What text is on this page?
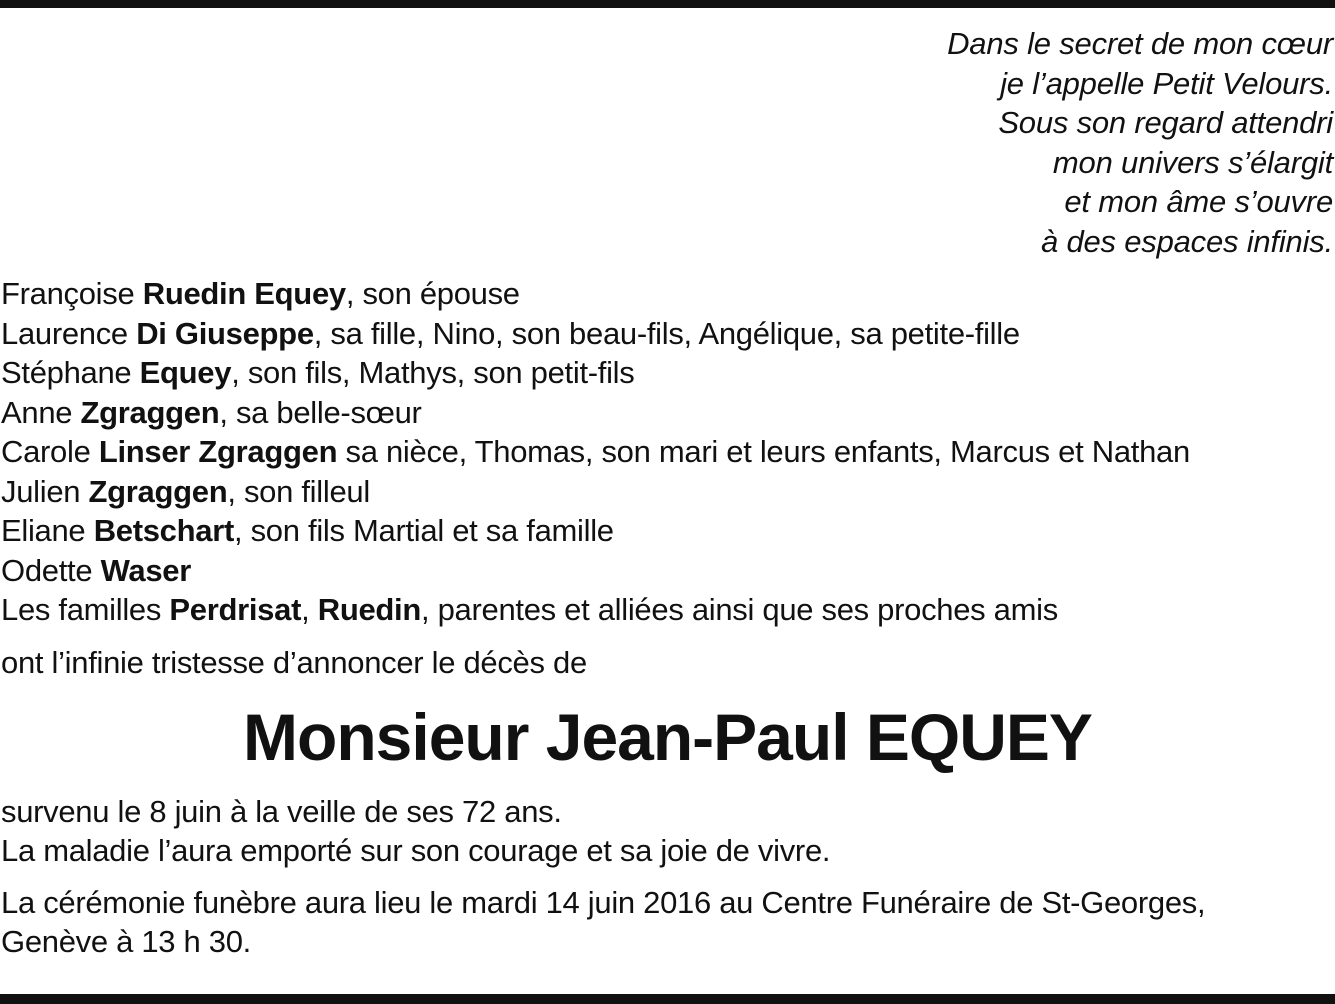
Dans le secret de mon cœur
je l’appelle Petit Velours.
Sous son regard attendri
mon univers s’élargit
et mon âme s’ouvre
à des espaces infinis.
Françoise Ruedin Equey, son épouse
Laurence Di Giuseppe, sa fille, Nino, son beau-fils, Angélique, sa petite-fille
Stéphane Equey, son fils, Mathys, son petit-fils
Anne Zgraggen, sa belle-sœur
Carole Linser Zgraggen sa nièce, Thomas, son mari et leurs enfants, Marcus et Nathan
Julien Zgraggen, son filleul
Eliane Betschart, son fils Martial et sa famille
Odette Waser
Les familles Perdrisat, Ruedin, parentes et alliées ainsi que ses proches amis
ont l’infinie tristesse d’annoncer le décès de
Monsieur Jean-Paul EQUEY
survenu le 8 juin à la veille de ses 72 ans.
La maladie l’aura emporté sur son courage et sa joie de vivre.
La cérémonie funèbre aura lieu le mardi 14 juin 2016 au Centre Funéraire de St-Georges,
Genève à 13 h 30.
